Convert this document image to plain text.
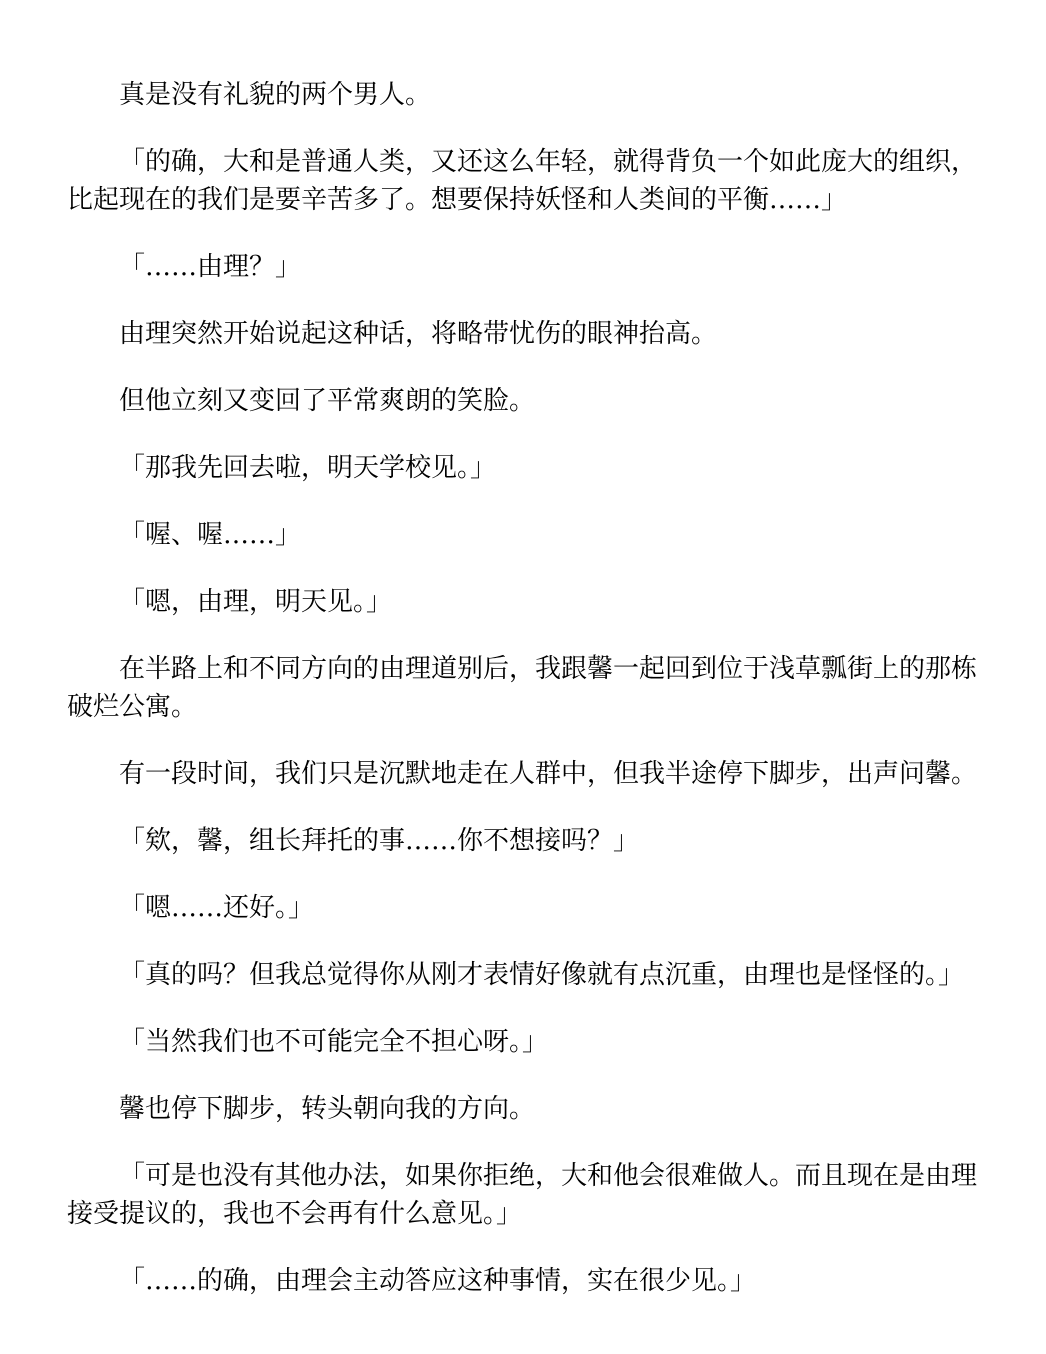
真是没有礼貌的两个男人。

「的确，大和是普通人类，又还这么年轻，就得背负一个如此庞大的组织，比起现在的我们是要辛苦多了。想要保持妖怪和人类间的平衡……」

「……由理？」

由理突然开始说起这种话，将略带忧伤的眼神抬高。

但他立刻又变回了平常爽朗的笑脸。

「那我先回去啦，明天学校见。」

「喔、喔……」

「嗯，由理，明天见。」

在半路上和不同方向的由理道别后，我跟馨一起回到位于浅草瓢街上的那栋破烂公寓。

有一段时间，我们只是沉默地走在人群中，但我半途停下脚步，出声问馨。

「欸，馨，组长拜托的事……你不想接吗？」

「嗯……还好。」

「真的吗？但我总觉得你从刚才表情好像就有点沉重，由理也是怪怪的。」

「当然我们也不可能完全不担心呀。」

馨也停下脚步，转头朝向我的方向。

「可是也没有其他办法，如果你拒绝，大和他会很难做人。而且现在是由理接受提议的，我也不会再有什么意见。」

「……的确，由理会主动答应这种事情，实在很少见。」
